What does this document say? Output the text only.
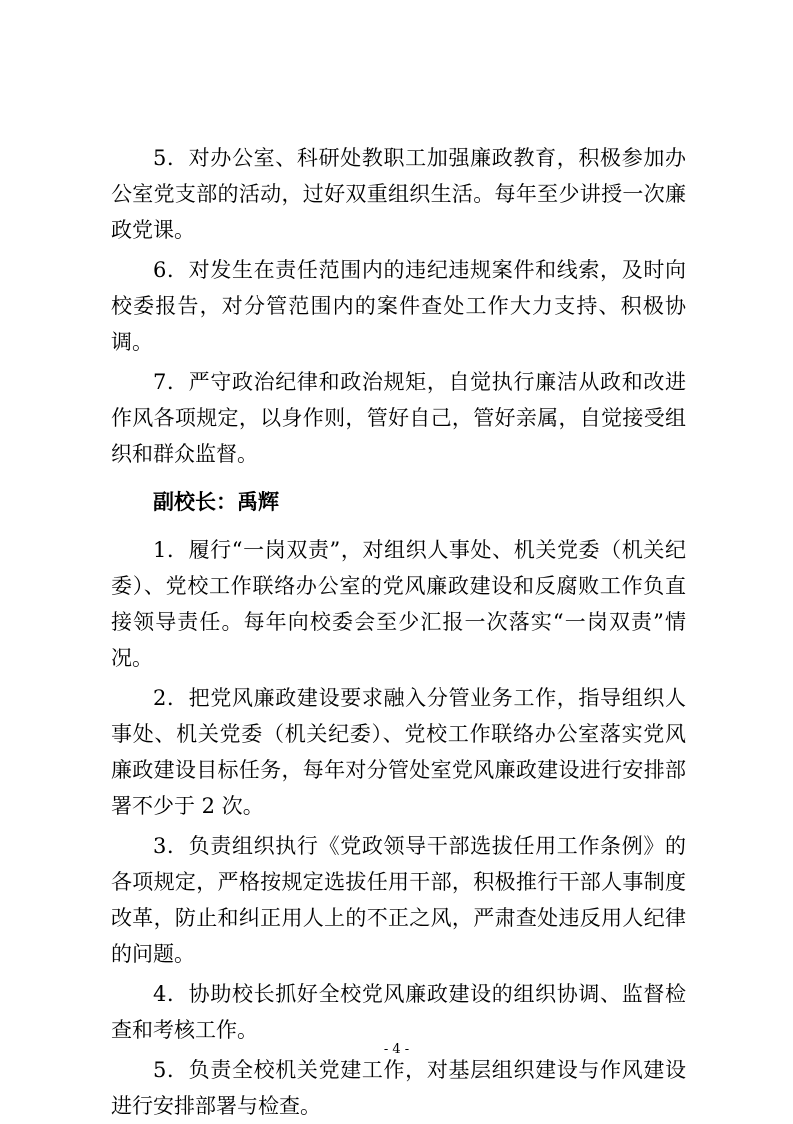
5．对办公室、科研处教职工加强廉政教育，积极参加办公室党支部的活动，过好双重组织生活。每年至少讲授一次廉政党课。

6．对发生在责任范围内的违纪违规案件和线索，及时向校委报告，对分管范围内的案件查处工作大力支持、积极协调。

7．严守政治纪律和政治规矩，自觉执行廉洁从政和改进作风各项规定，以身作则，管好自己，管好亲属，自觉接受组织和群众监督。

副校长：禹辉

1．履行“一岗双责”，对组织人事处、机关党委（机关纪委）、党校工作联络办公室的党风廉政建设和反腐败工作负直接领导责任。每年向校委会至少汇报一次落实“一岗双责”情况。

2．把党风廉政建设要求融入分管业务工作，指导组织人事处、机关党委（机关纪委）、党校工作联络办公室落实党风廉政建设目标任务，每年对分管处室党风廉政建设进行安排部署不少于 2 次。

3．负责组织执行《党政领导干部选拔任用工作条例》的各项规定，严格按规定选拔任用干部，积极推行干部人事制度改革，防止和纠正用人上的不正之风，严肃查处违反用人纪律的问题。

4．协助校长抓好全校党风廉政建设的组织协调、监督检查和考核工作。

5．负责全校机关党建工作，对基层组织建设与作风建设进行安排部署与检查。

- 4 -
